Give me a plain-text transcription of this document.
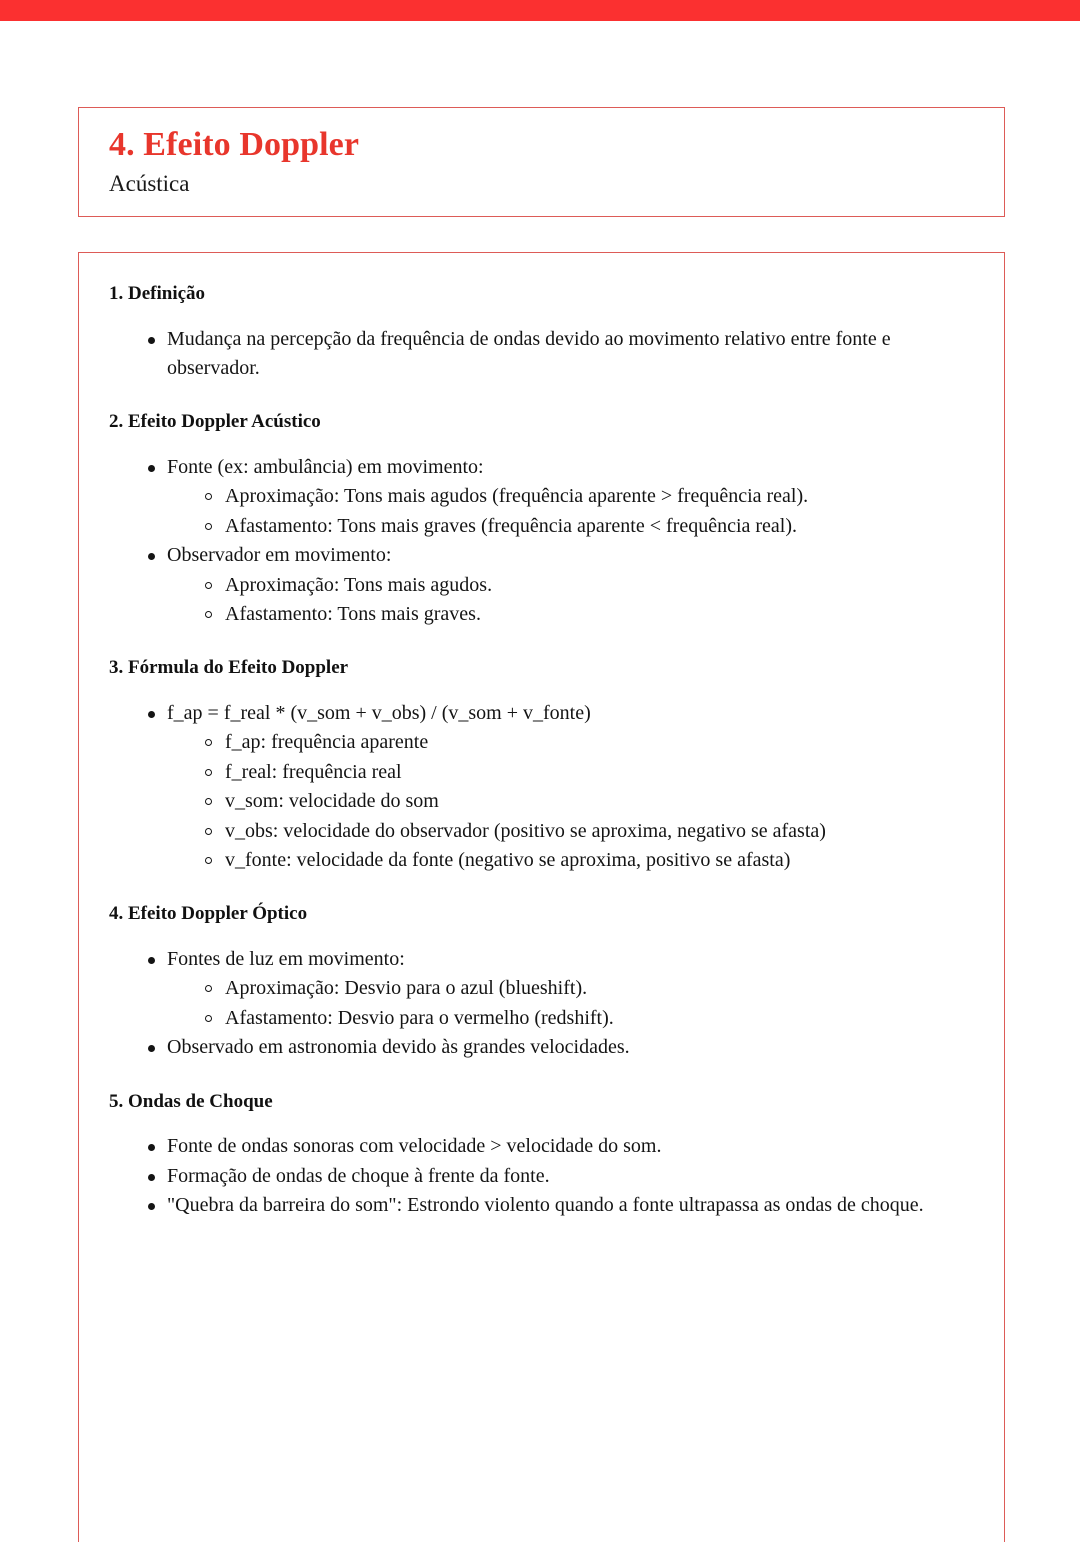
4. Efeito Doppler

Acústica

1. Definição
Mudança na percepção da frequência de ondas devido ao movimento relativo entre fonte e observador.
2. Efeito Doppler Acústico
Fonte (ex: ambulância) em movimento:
Aproximação: Tons mais agudos (frequência aparente > frequência real).
Afastamento: Tons mais graves (frequência aparente < frequência real).
Observador em movimento:
Aproximação: Tons mais agudos.
Afastamento: Tons mais graves.
3. Fórmula do Efeito Doppler
f_ap = f_real * (v_som + v_obs) / (v_som + v_fonte)
f_ap: frequência aparente
f_real: frequência real
v_som: velocidade do som
v_obs: velocidade do observador (positivo se aproxima, negativo se afasta)
v_fonte: velocidade da fonte (negativo se aproxima, positivo se afasta)
4. Efeito Doppler Óptico
Fontes de luz em movimento:
Aproximação: Desvio para o azul (blueshift).
Afastamento: Desvio para o vermelho (redshift).
Observado em astronomia devido às grandes velocidades.
5. Ondas de Choque
Fonte de ondas sonoras com velocidade > velocidade do som.
Formação de ondas de choque à frente da fonte.
"Quebra da barreira do som": Estrondo violento quando a fonte ultrapassa as ondas de choque.
